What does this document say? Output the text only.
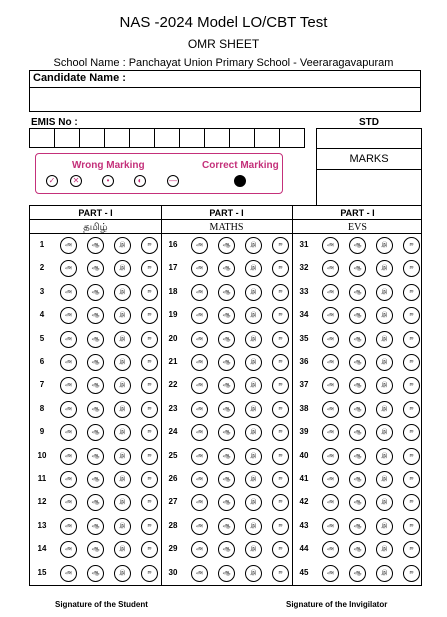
NAS -2024 Model LO/CBT Test
OMR SHEET
School Name : Panchayat Union Primary School - Veeraragavapuram
Candidate Name :
EMIS No :	STD
MARKS
Wrong Marking	Correct Marking
✓	✕	•	◐	—
PART - I
தமிழ்
1	அ	ஆ	இ	ஈ
2	அ	ஆ	இ	ஈ
3	அ	ஆ	இ	ஈ
4	அ	ஆ	இ	ஈ
5	அ	ஆ	இ	ஈ
6	அ	ஆ	இ	ஈ
7	அ	ஆ	இ	ஈ
8	அ	ஆ	இ	ஈ
9	அ	ஆ	இ	ஈ
10	அ	ஆ	இ	ஈ
11	அ	ஆ	இ	ஈ
12	அ	ஆ	இ	ஈ
13	அ	ஆ	இ	ஈ
14	அ	ஆ	இ	ஈ
15	அ	ஆ	இ	ஈ
PART - I
MATHS
16	அ	ஆ	இ	ஈ
17	அ	ஆ	இ	ஈ
18	அ	ஆ	இ	ஈ
19	அ	ஆ	இ	ஈ
20	அ	ஆ	இ	ஈ
21	அ	ஆ	இ	ஈ
22	அ	ஆ	இ	ஈ
23	அ	ஆ	இ	ஈ
24	அ	ஆ	இ	ஈ
25	அ	ஆ	இ	ஈ
26	அ	ஆ	இ	ஈ
27	அ	ஆ	இ	ஈ
28	அ	ஆ	இ	ஈ
29	அ	ஆ	இ	ஈ
30	அ	ஆ	இ	ஈ
PART - I
EVS
31	அ	ஆ	இ	ஈ
32	அ	ஆ	இ	ஈ
33	அ	ஆ	இ	ஈ
34	அ	ஆ	இ	ஈ
35	அ	ஆ	இ	ஈ
36	அ	ஆ	இ	ஈ
37	அ	ஆ	இ	ஈ
38	அ	ஆ	இ	ஈ
39	அ	ஆ	இ	ஈ
40	அ	ஆ	இ	ஈ
41	அ	ஆ	இ	ஈ
42	அ	ஆ	இ	ஈ
43	அ	ஆ	இ	ஈ
44	அ	ஆ	இ	ஈ
45	அ	ஆ	இ	ஈ
Signature of the Student	Signature of the Invigilator
